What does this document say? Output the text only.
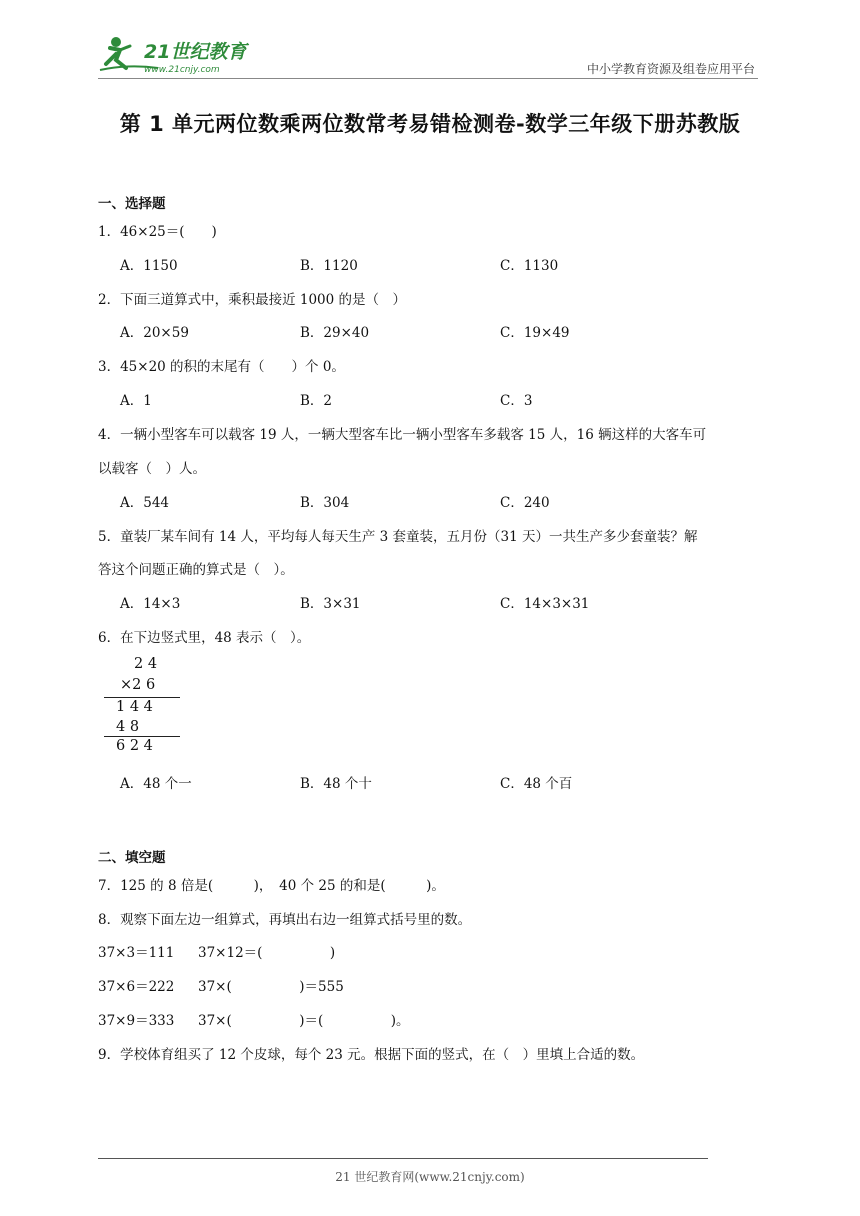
21世纪教育
www.21cnjy.com	中小学教育资源及组卷应用平台
第 1 单元两位数乘两位数常考易错检测卷-数学三年级下册苏教版
一、选择题
1．46×25＝(　　)
A．1150	B．1120	C．1130
2．下面三道算式中，乘积最接近 1000 的是（　）
A．20×59	B．29×40	C．19×49
3．45×20 的积的末尾有（　　）个 0。
A．1	B．2	C．3
4．一辆小型客车可以载客 19 人，一辆大型客车比一辆小型客车多载客 15 人，16 辆这样的大客车可
以载客（　）人。
A．544	B．304	C．240
5．童装厂某车间有 14 人，平均每人每天生产 3 套童装，五月份（31 天）一共生产多少套童装？解
答这个问题正确的算式是（　）。
A．14×3	B．3×31	C．14×3×31
6．在下边竖式里，48 表示（　）。
2 4
×2 6
1 4 4
4 8
6 2 4
A．48 个一	B．48 个十	C．48 个百
二、填空题
7．125 的 8 倍是(　　　)，　40 个 25 的和是(　　　)。
8．观察下面左边一组算式，再填出右边一组算式括号里的数。
37×3＝111 37×12＝(　　　　　)
37×6＝222 37×(　　　　　)＝555
37×9＝333 37×(　　　　　)＝(　　　　　)。
9．学校体育组买了 12 个皮球，每个 23 元。根据下面的竖式，在（　）里填上合适的数。
21 世纪教育网(www.21cnjy.com)
